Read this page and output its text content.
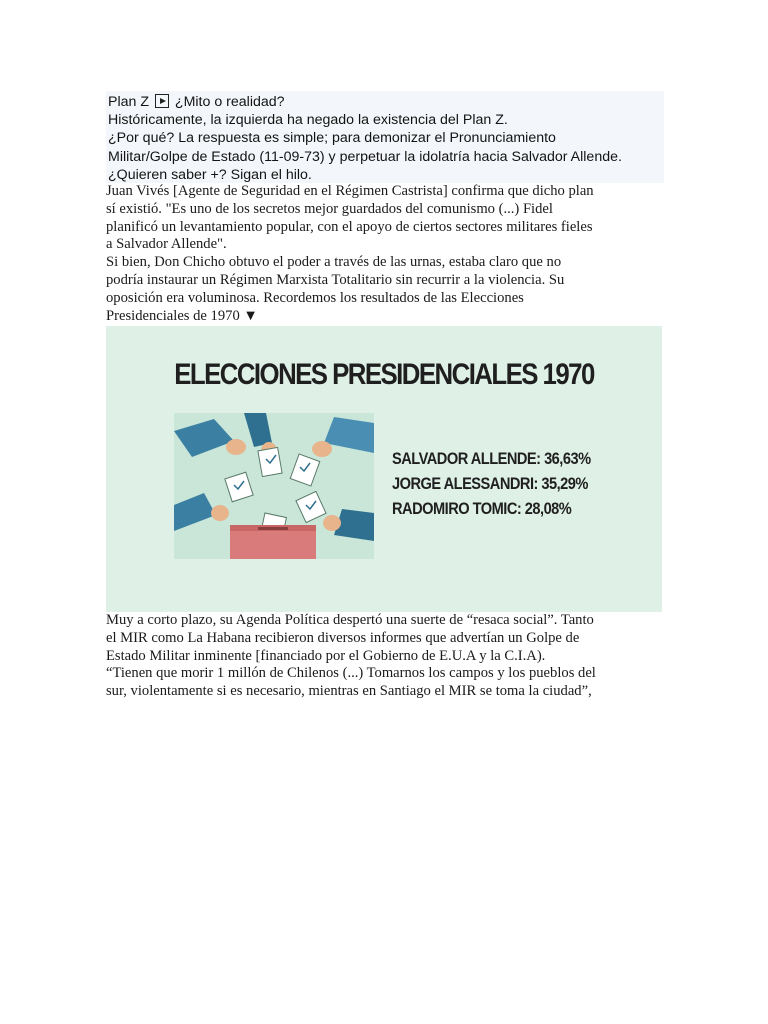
Plan Z ¿Mito o realidad?
Históricamente, la izquierda ha negado la existencia del Plan Z.
¿Por qué? La respuesta es simple; para demonizar el Pronunciamiento
Militar/Golpe de Estado (11-09-73) y perpetuar la idolatría hacia Salvador Allende.
¿Quieren saber +? Sigan el hilo.
Juan Vivés [Agente de Seguridad en el Régimen Castrista] confirma que dicho plan
sí existió. "Es uno de los secretos mejor guardados del comunismo (...) Fidel
planificó un levantamiento popular, con el apoyo de ciertos sectores militares fieles
a Salvador Allende".
Si bien, Don Chicho obtuvo el poder a través de las urnas, estaba claro que no
podría instaurar un Régimen Marxista Totalitario sin recurrir a la violencia. Su
oposición era voluminosa. Recordemos los resultados de las Elecciones
Presidenciales de 1970 ▼
ELECCIONES PRESIDENCIALES 1970
SALVADOR ALLENDE: 36,63%
JORGE ALESSANDRI: 35,29%
RADOMIRO TOMIC: 28,08%
Muy a corto plazo, su Agenda Política despertó una suerte de “resaca social”. Tanto
el MIR como La Habana recibieron diversos informes que advertían un Golpe de
Estado Militar inminente [financiado por el Gobierno de E.U.A y la C.I.A).
“Tienen que morir 1 millón de Chilenos (...) Tomarnos los campos y los pueblos del
sur, violentamente si es necesario, mientras en Santiago el MIR se toma la ciudad”,
